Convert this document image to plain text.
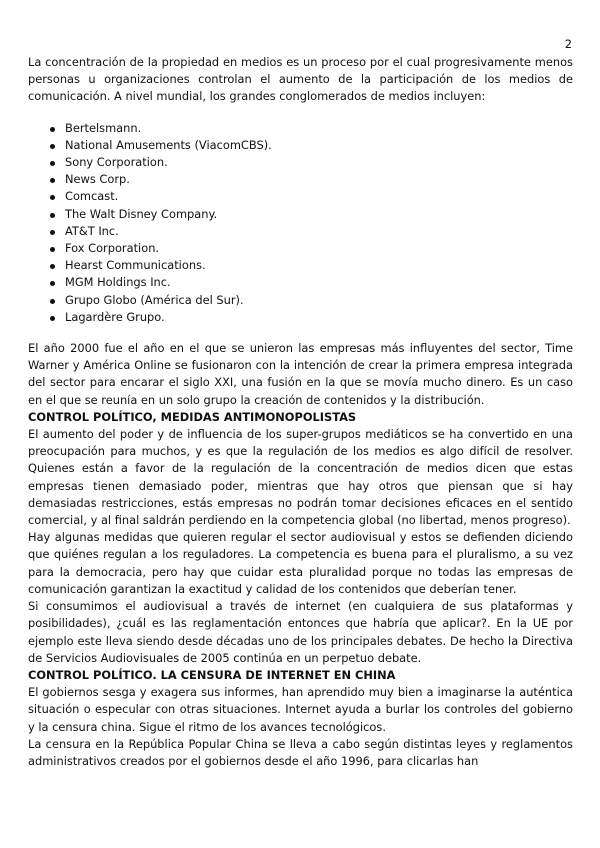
2

La concentración de la propiedad en medios es un proceso por el cual progresivamente menos personas u organizaciones controlan el aumento de la participación de los medios de comunicación. A nivel mundial, los grandes conglomerados de medios incluyen:

Bertelsmann.
National Amusements (ViacomCBS).
Sony Corporation.
News Corp.
Comcast.
The Walt Disney Company.
AT&T Inc.
Fox Corporation.
Hearst Communications.
MGM Holdings Inc.
Grupo Globo (América del Sur).
Lagardère Grupo.

El año 2000 fue el año en el que se unieron las empresas más influyentes del sector, Time Warner y América Online se fusionaron con la intención de crear la primera empresa integrada del sector para encarar el siglo XXI, una fusión en la que se movía mucho dinero. Es un caso en el que se reunía en un solo grupo la creación de contenidos y la distribución.

CONTROL POLÍTICO, MEDIDAS ANTIMONOPOLISTAS

El aumento del poder y de influencia de los super-grupos mediáticos se ha convertido en una preocupación para muchos, y es que la regulación de los medios es algo difícil de resolver. Quienes están a favor de la regulación de la concentración de medios dicen que estas empresas tienen demasiado poder, mientras que hay otros que piensan que si hay demasiadas restricciones, estás empresas no podrán tomar decisiones eficaces en el sentido comercial, y al final saldrán perdiendo en la competencia global (no libertad, menos progreso).

Hay algunas medidas que quieren regular el sector audiovisual y estos se defienden diciendo que quiénes regulan a los reguladores. La competencia es buena para el pluralismo, a su vez para la democracia, pero hay que cuidar esta pluralidad porque no todas las empresas de comunicación garantizan la exactitud y calidad de los contenidos que deberían tener.

Si consumimos el audiovisual a través de internet (en cualquiera de sus plataformas y posibilidades), ¿cuál es las reglamentación entonces que habría que aplicar?. En la UE por ejemplo este lleva siendo desde décadas uno de los principales debates. De hecho la Directiva de Servicios Audiovisuales de 2005 continúa en un perpetuo debate.

CONTROL POLÍTICO. LA CENSURA DE INTERNET EN CHINA

El gobiernos sesga y exagera sus informes, han aprendido muy bien a imaginarse la auténtica situación o especular con otras situaciones. Internet ayuda a burlar los controles del gobierno y la censura china. Sigue el ritmo de los avances tecnológicos.

La censura en la República Popular China se lleva a cabo según distintas leyes y reglamentos administrativos creados por el gobiernos desde el año 1996, para clicarlas han
